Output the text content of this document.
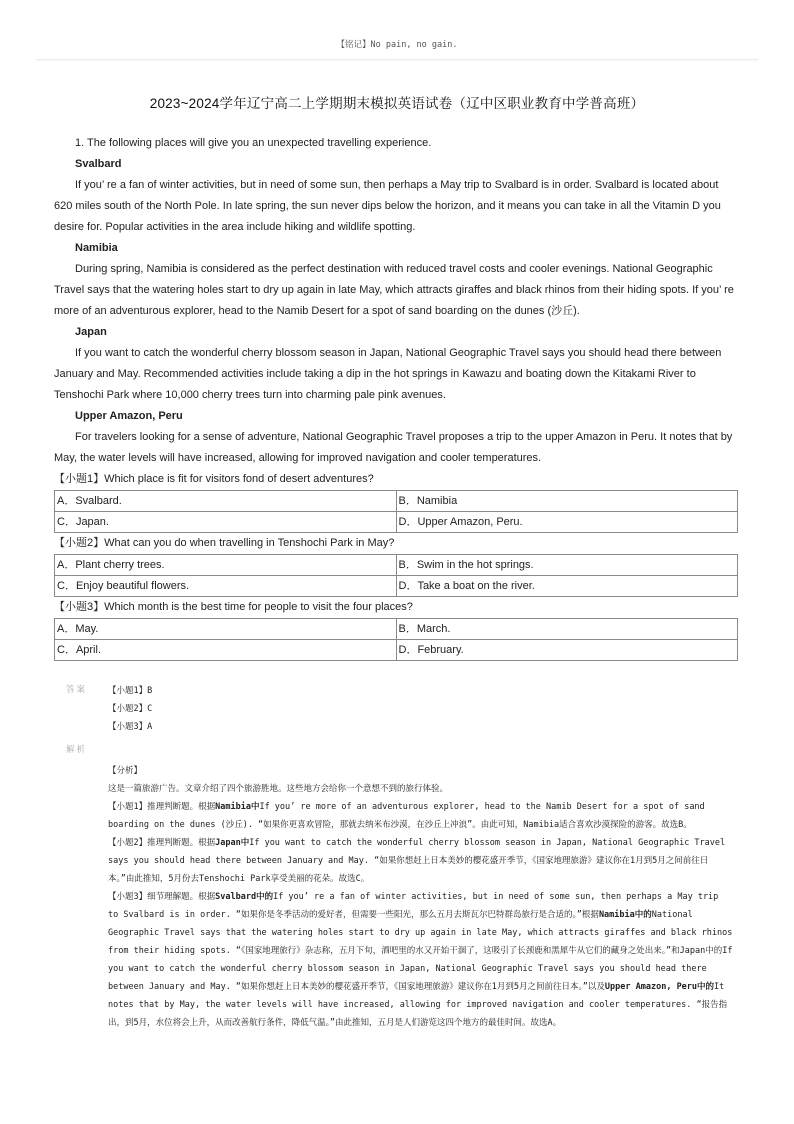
【铭记】No pain, no gain.
2023~2024学年辽宁高二上学期期末模拟英语试卷（辽中区职业教育中学普高班）

1. The following places will give you an unexpected travelling experience.

Svalbard

If you’ re a fan of winter activities, but in need of some sun, then perhaps a May trip to Svalbard is in order. Svalbard is located about 620 miles south of the North Pole. In late spring, the sun never dips below the horizon, and it means you can take in all the Vitamin D you desire for. Popular activities in the area include hiking and wildlife spotting.

Namibia

During spring, Namibia is considered as the perfect destination with reduced travel costs and cooler evenings. National Geographic Travel says that the watering holes start to dry up again in late May, which attracts giraffes and black rhinos from their hiding spots. If you’ re more of an adventurous explorer, head to the Namib Desert for a spot of sand boarding on the dunes (沙丘).

Japan

If you want to catch the wonderful cherry blossom season in Japan, National Geographic Travel says you should head there between January and May. Recommended activities include taking a dip in the hot springs in Kawazu and boating down the Kitakami River to Tenshochi Park where 10,000 cherry trees turn into charming pale pink avenues.

Upper Amazon, Peru

For travelers looking for a sense of adventure, National Geographic Travel proposes a trip to the upper Amazon in Peru. It notes that by May, the water levels will have increased, allowing for improved navigation and cooler temperatures.

【小题1】Which place is fit for visitors fond of desert adventures?

A．Svalbard.	B．Namibia
C．Japan.	D．Upper Amazon, Peru.

【小题2】What can you do when travelling in Tenshochi Park in May?

A．Plant cherry trees.	B．Swim in the hot springs.
C．Enjoy beautiful flowers.	D．Take a boat on the river.

【小题3】Which month is the best time for people to visit the four places?

A．May.	B．March.
C．April.	D．February.
答案 【小题1】B
【小题2】C
【小题3】A
解析

【分析】

这是一篇旅游广告。文章介绍了四个旅游胜地。这些地方会给你一个意想不到的旅行体验。

【小题1】推理判断题。根据Namibia中If you’ re more of an adventurous explorer, head to the Namib Desert for a spot of sand boarding on the dunes (沙丘). “如果你更喜欢冒险，那就去纳米布沙漠，在沙丘上冲浪”。由此可知，Namibia适合喜欢沙漠探险的游客。故选B。

【小题2】推理判断题。根据Japan中If you want to catch the wonderful cherry blossom season in Japan, National Geographic Travel says you should head there between January and May. “如果你想赶上日本美妙的樱花盛开季节，《国家地理旅游》建议你在1月到5月之间前往日本。”由此推知，5月份去Tenshochi Park享受美丽的花朵。故选C。

【小题3】细节理解题。根据Svalbard中的If you’ re a fan of winter activities, but in need of some sun, then perhaps a May trip to Svalbard is in order. “如果你是冬季活动的爱好者，但需要一些阳光，那么五月去斯瓦尔巴特群岛旅行是合适的。”根据Namibia中的National Geographic Travel says that the watering holes start to dry up again in late May, which attracts giraffes and black rhinos from their hiding spots. “《国家地理旅行》杂志称，五月下旬，酒吧里的水又开始干涸了，这吸引了长颈鹿和黑犀牛从它们的藏身之处出来。”和Japan中的If you want to catch the wonderful cherry blossom season in Japan, National Geographic Travel says you should head there between January and May. “如果你想赶上日本美妙的樱花盛开季节，《国家地理旅游》建议你在1月到5月之间前往日本。”以及Upper Amazon, Peru中的It notes that by May, the water levels will have increased, allowing for improved navigation and cooler temperatures. “报告指出，到5月，水位将会上升，从而改善航行条件，降低气温。”由此推知，五月是人们游览这四个地方的最佳时间。故选A。
